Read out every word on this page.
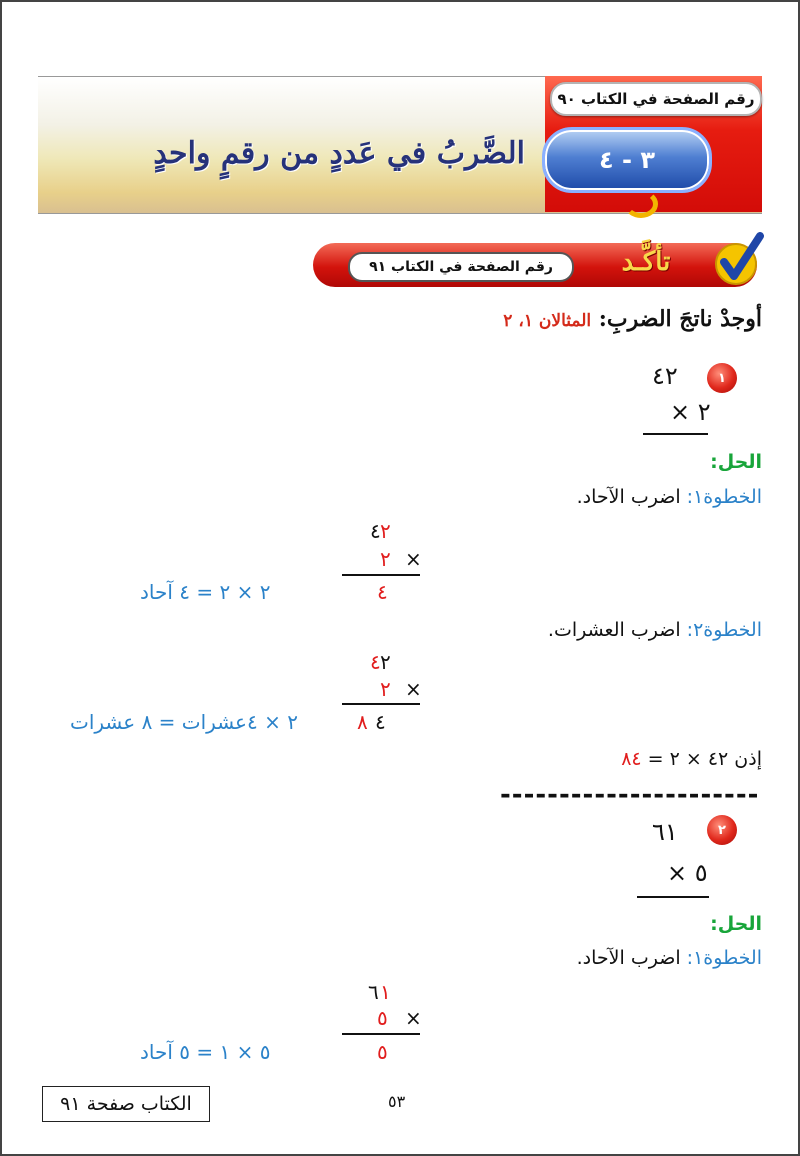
رقم الصفحة في الكتاب ٩٠
٣ - ٤
الضَّربُ في عَددٍ من رقمٍ واحدٍ
رقم الصفحة في الكتاب ٩١	تأكَّـد
أوجدْ ناتجَ الضربِ: المثالان ١، ٢
١
٤٢
٢ ×
الحل:
الخطوة١: اضرب الآحاد.
٤ ٢
٢ ×
٤
٢ × ٢ = ٤ آحاد
الخطوة٢: اضرب العشرات.
٤ ٢
٢ ×
٨ ٤
٢ × ٤عشرات = ٨ عشرات
إذن ٤٢ × ٢ = ٨٤
----------------------
٢
٦١
٥ ×
الحل:
الخطوة١: اضرب الآحاد.
٦ ١
٥ ×
٥
٥ × ١ = ٥ آحاد
الكتاب صفحة ٩١	٥٣
